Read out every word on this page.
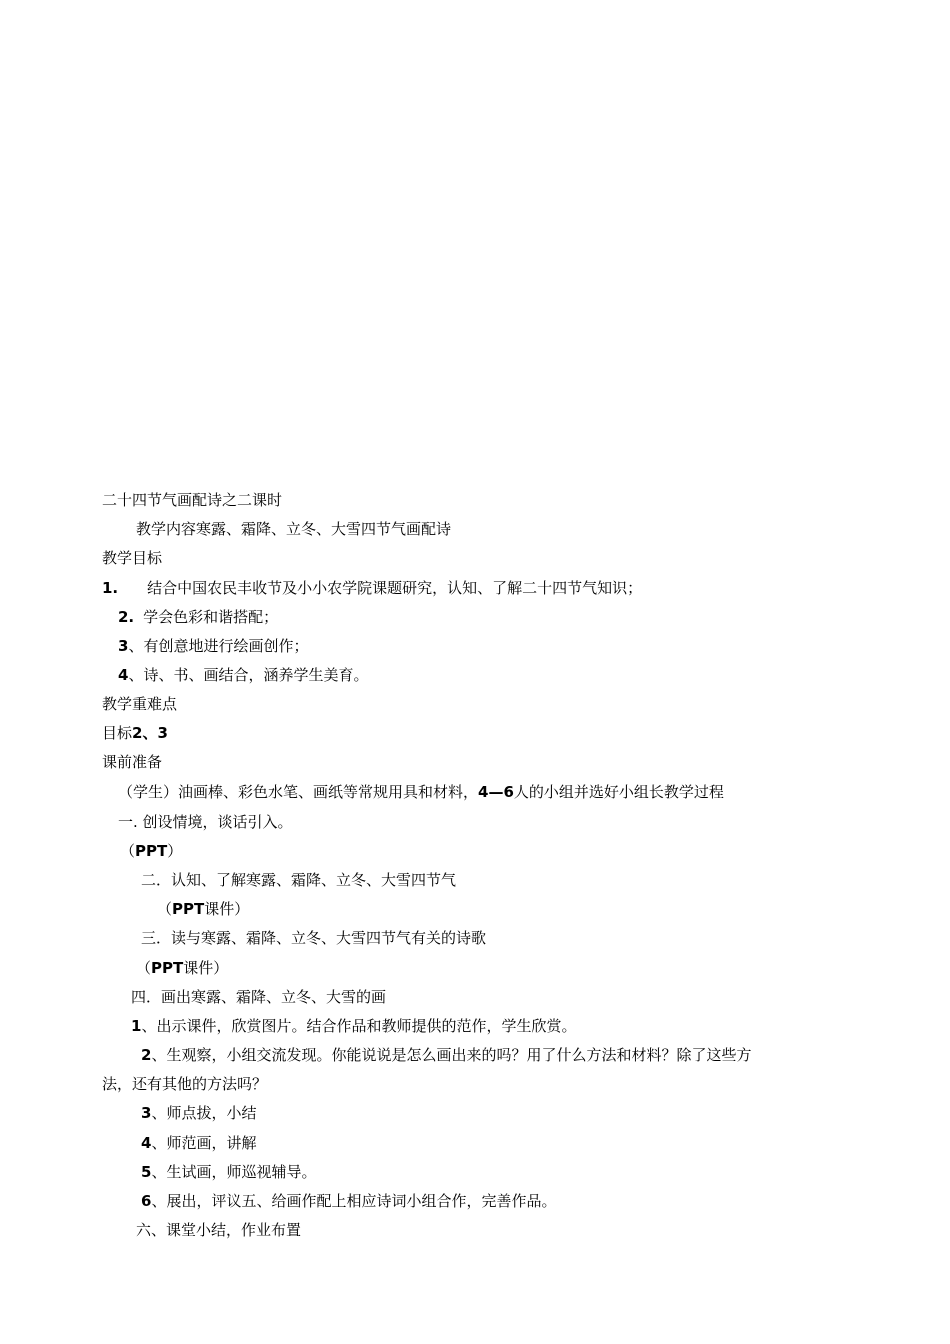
二十四节气画配诗之二课时
教学内容寒露、霜降、立冬、大雪四节气画配诗
教学目标
1. 结合中国农民丰收节及小小农学院课题研究，认知、了解二十四节气知识；
2. 学会色彩和谐搭配；
3、有创意地进行绘画创作；
4、诗、书、画结合，涵养学生美育。
教学重难点
目标2、3
课前准备
（学生）油画棒、彩色水笔、画纸等常规用具和材料，4—6人的小组并选好小组长教学过程
一. 创设情境，谈话引入。
（PPT）
二．认知、了解寒露、霜降、立冬、大雪四节气
（PPT课件）
三．读与寒露、霜降、立冬、大雪四节气有关的诗歌
（PPT课件）
四．画出寒露、霜降、立冬、大雪的画
1、出示课件，欣赏图片。结合作品和教师提供的范作，学生欣赏。
2、生观察，小组交流发现。你能说说是怎么画出来的吗？用了什么方法和材料？除了这些方
法，还有其他的方法吗？
3、师点拔，小结
4、师范画，讲解
5、生试画，师巡视辅导。
6、展出，评议五、给画作配上相应诗词小组合作，完善作品。
六、课堂小结，作业布置
